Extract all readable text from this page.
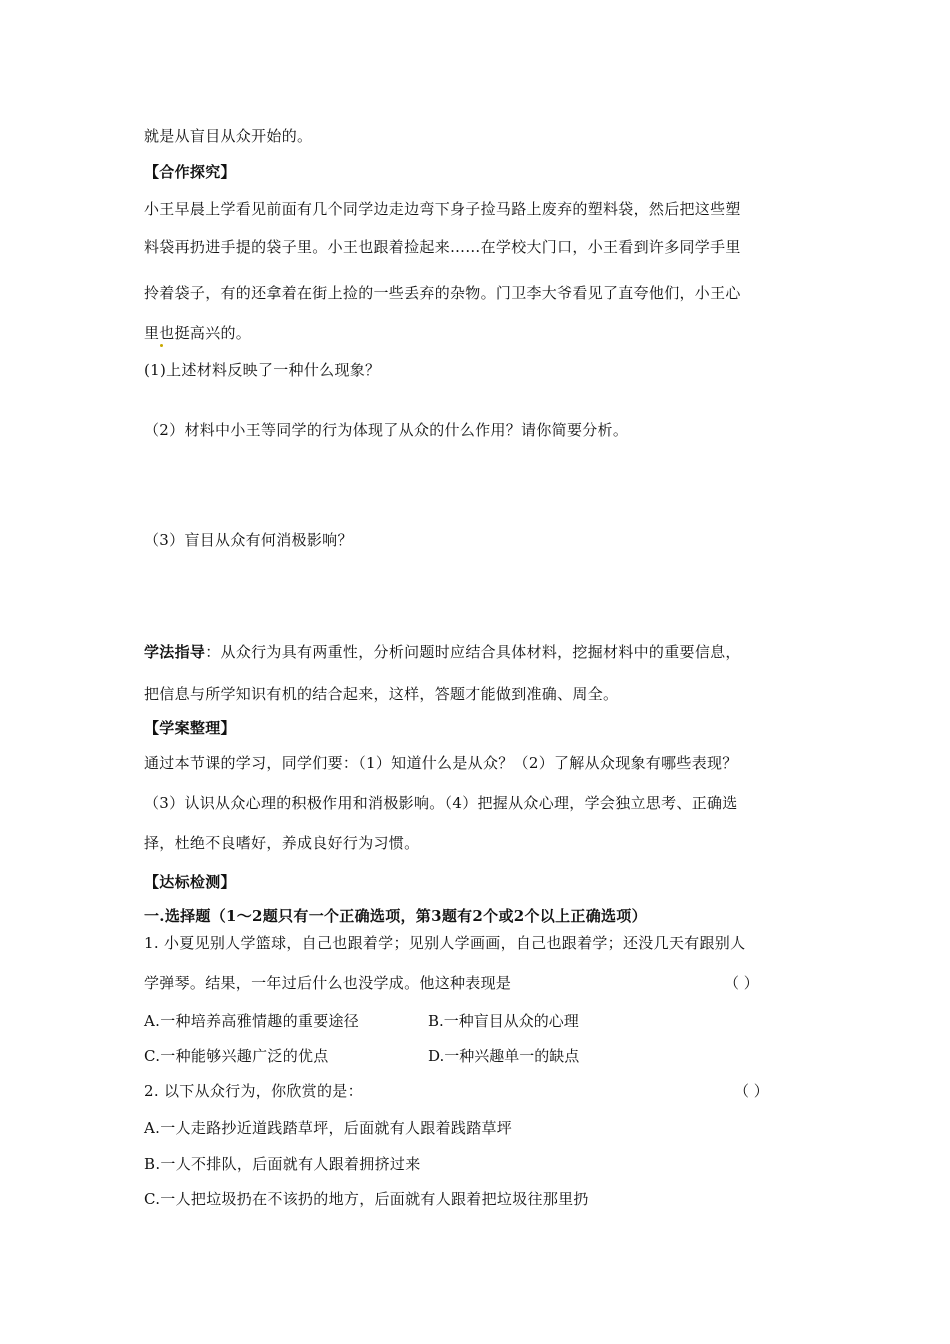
就是从盲目从众开始的。
【合作探究】
小王早晨上学看见前面有几个同学边走边弯下身子捡马路上废弃的塑料袋，然后把这些塑
料袋再扔进手提的袋子里。小王也跟着捡起来……在学校大门口，小王看到许多同学手里
拎着袋子，有的还拿着在街上捡的一些丢弃的杂物。门卫李大爷看见了直夸他们，小王心
里也挺高兴的。
(1)上述材料反映了一种什么现象？
（2）材料中小王等同学的行为体现了从众的什么作用？请你简要分析。
（3）盲目从众有何消极影响？
学法指导：从众行为具有两重性，分析问题时应结合具体材料，挖掘材料中的重要信息，
把信息与所学知识有机的结合起来，这样，答题才能做到准确、周全。
【学案整理】
通过本节课的学习，同学们要：（1）知道什么是从众？（2）了解从众现象有哪些表现？
（3）认识从众心理的积极作用和消极影响。（4）把握从众心理，学会独立思考、正确选
择，杜绝不良嗜好，养成良好行为习惯。
【达标检测】
一.选择题（1～2题只有一个正确选项，第3题有2个或2个以上正确选项）
1. 小夏见别人学篮球，自己也跟着学；见别人学画画，自己也跟着学；还没几天有跟别人
学弹琴。结果，一年过后什么也没学成。他这种表现是	（ ）
A.一种培养高雅情趣的重要途径	B.一种盲目从众的心理
C.一种能够兴趣广泛的优点	D.一种兴趣单一的缺点
2. 以下从众行为，你欣赏的是：	（ ）
A.一人走路抄近道践踏草坪，后面就有人跟着践踏草坪
B.一人不排队，后面就有人跟着拥挤过来
C.一人把垃圾扔在不该扔的地方，后面就有人跟着把垃圾往那里扔
